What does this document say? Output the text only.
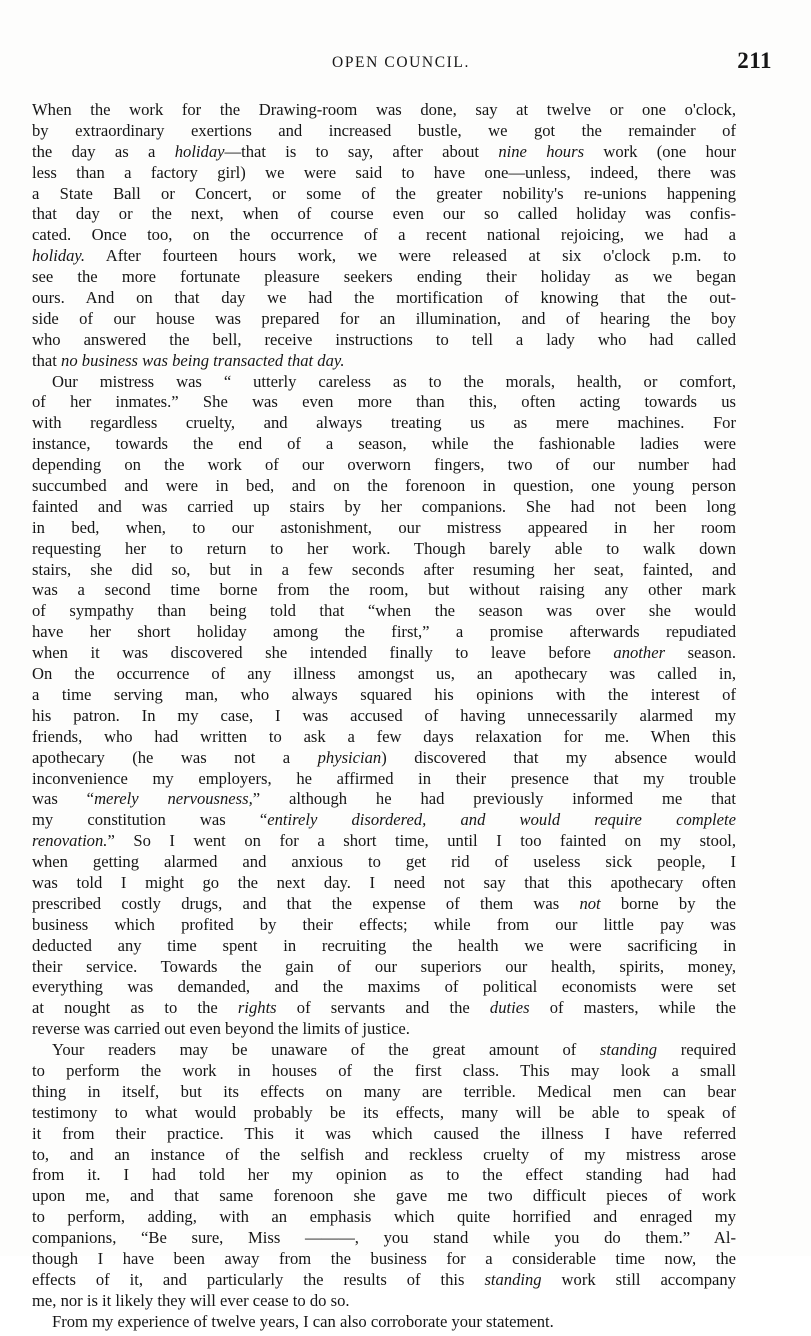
OPEN COUNCIL.	211
When the work for the Drawing-room was done, say at twelve or one o'clock,
by extraordinary exertions and increased bustle, we got the remainder of
the day as a holiday—that is to say, after about nine hours work (one hour
less than a factory girl) we were said to have one—unless, indeed, there was
a State Ball or Concert, or some of the greater nobility's re-unions happening
that day or the next, when of course even our so called holiday was confis-
cated. Once too, on the occurrence of a recent national rejoicing, we had a
holiday. After fourteen hours work, we were released at six o'clock p.m. to
see the more fortunate pleasure seekers ending their holiday as we began
ours. And on that day we had the mortification of knowing that the out-
side of our house was prepared for an illumination, and of hearing the boy
who answered the bell, receive instructions to tell a lady who had called
that no business was being transacted that day.
Our mistress was “ utterly careless as to the morals, health, or comfort,
of her inmates.” She was even more than this, often acting towards us
with regardless cruelty, and always treating us as mere machines. For
instance, towards the end of a season, while the fashionable ladies were
depending on the work of our overworn fingers, two of our number had
succumbed and were in bed, and on the forenoon in question, one young person
fainted and was carried up stairs by her companions. She had not been long
in bed, when, to our astonishment, our mistress appeared in her room
requesting her to return to her work. Though barely able to walk down
stairs, she did so, but in a few seconds after resuming her seat, fainted, and
was a second time borne from the room, but without raising any other mark
of sympathy than being told that “when the season was over she would
have her short holiday among the first,” a promise afterwards repudiated
when it was discovered she intended finally to leave before another season.
On the occurrence of any illness amongst us, an apothecary was called in,
a time serving man, who always squared his opinions with the interest of
his patron. In my case, I was accused of having unnecessarily alarmed my
friends, who had written to ask a few days relaxation for me. When this
apothecary (he was not a physician) discovered that my absence would
inconvenience my employers, he affirmed in their presence that my trouble
was “merely nervousness,” although he had previously informed me that
my constitution was “entirely disordered, and would require complete
renovation.” So I went on for a short time, until I too fainted on my stool,
when getting alarmed and anxious to get rid of useless sick people, I
was told I might go the next day. I need not say that this apothecary often
prescribed costly drugs, and that the expense of them was not borne by the
business which profited by their effects; while from our little pay was
deducted any time spent in recruiting the health we were sacrificing in
their service. Towards the gain of our superiors our health, spirits, money,
everything was demanded, and the maxims of political economists were set
at nought as to the rights of servants and the duties of masters, while the
reverse was carried out even beyond the limits of justice.
Your readers may be unaware of the great amount of standing required
to perform the work in houses of the first class. This may look a small
thing in itself, but its effects on many are terrible. Medical men can bear
testimony to what would probably be its effects, many will be able to speak of
it from their practice. This it was which caused the illness I have referred
to, and an instance of the selfish and reckless cruelty of my mistress arose
from it. I had told her my opinion as to the effect standing had had
upon me, and that same forenoon she gave me two difficult pieces of work
to perform, adding, with an emphasis which quite horrified and enraged my
companions, “Be sure, Miss ———, you stand while you do them.” Al-
though I have been away from the business for a considerable time now, the
effects of it, and particularly the results of this standing work still accompany
me, nor is it likely they will ever cease to do so.
From my experience of twelve years, I can also corroborate your statement.
